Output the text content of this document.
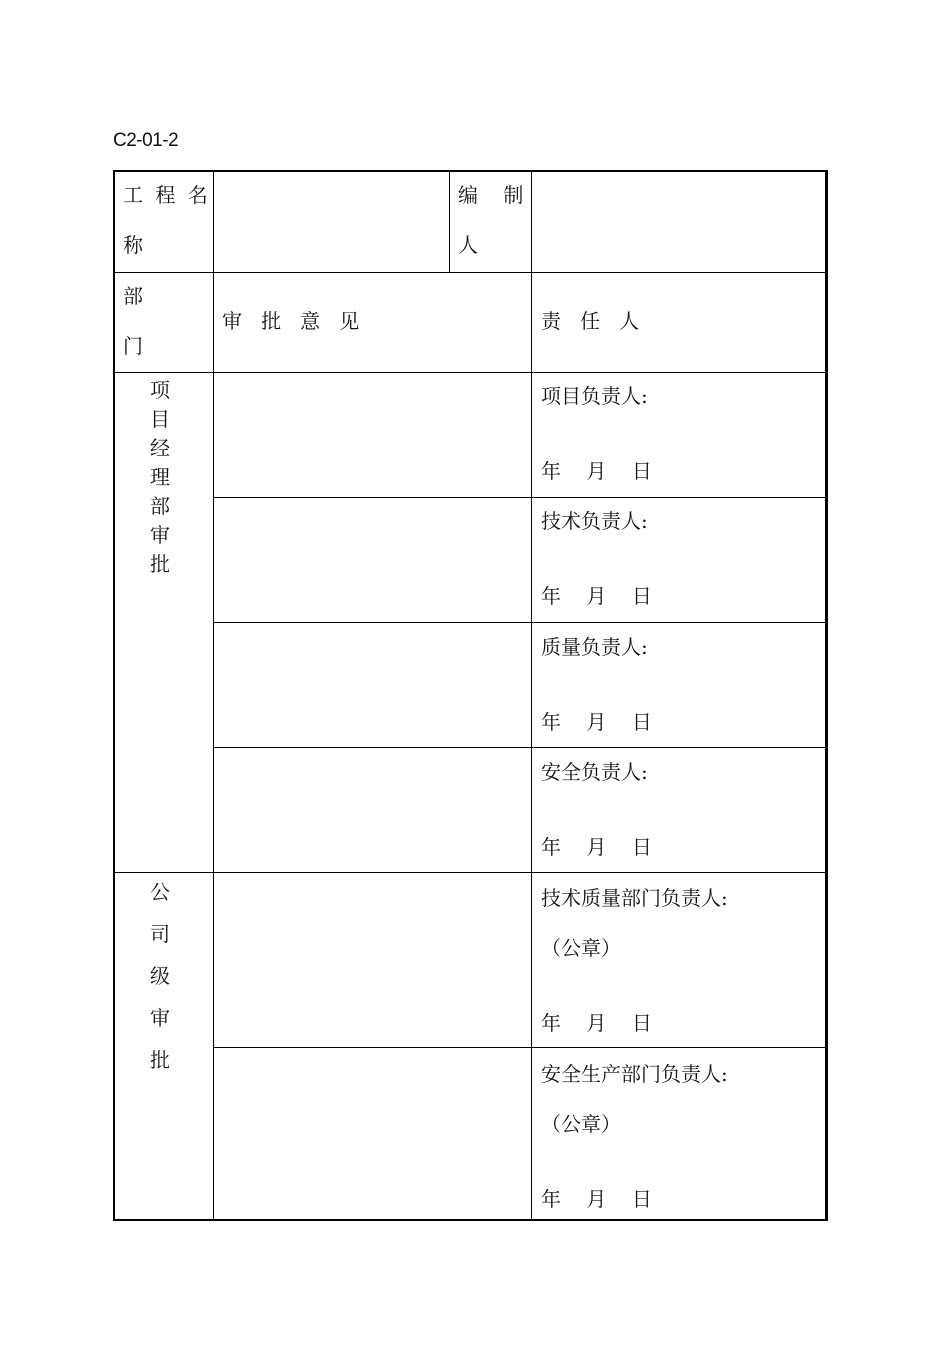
C2-01-2
工 程 名
称
编    制
人
部
门
审   批   意   见	责   任   人
项
目
经
理
部
审
批
项目负责人:
年    月    日
技术负责人:
年    月    日
质量负责人:
年    月    日
安全负责人:
年    月    日
公
司
级
审
批
技术质量部门负责人:
（公章）
年    月    日
安全生产部门负责人:
（公章）
年    月    日
